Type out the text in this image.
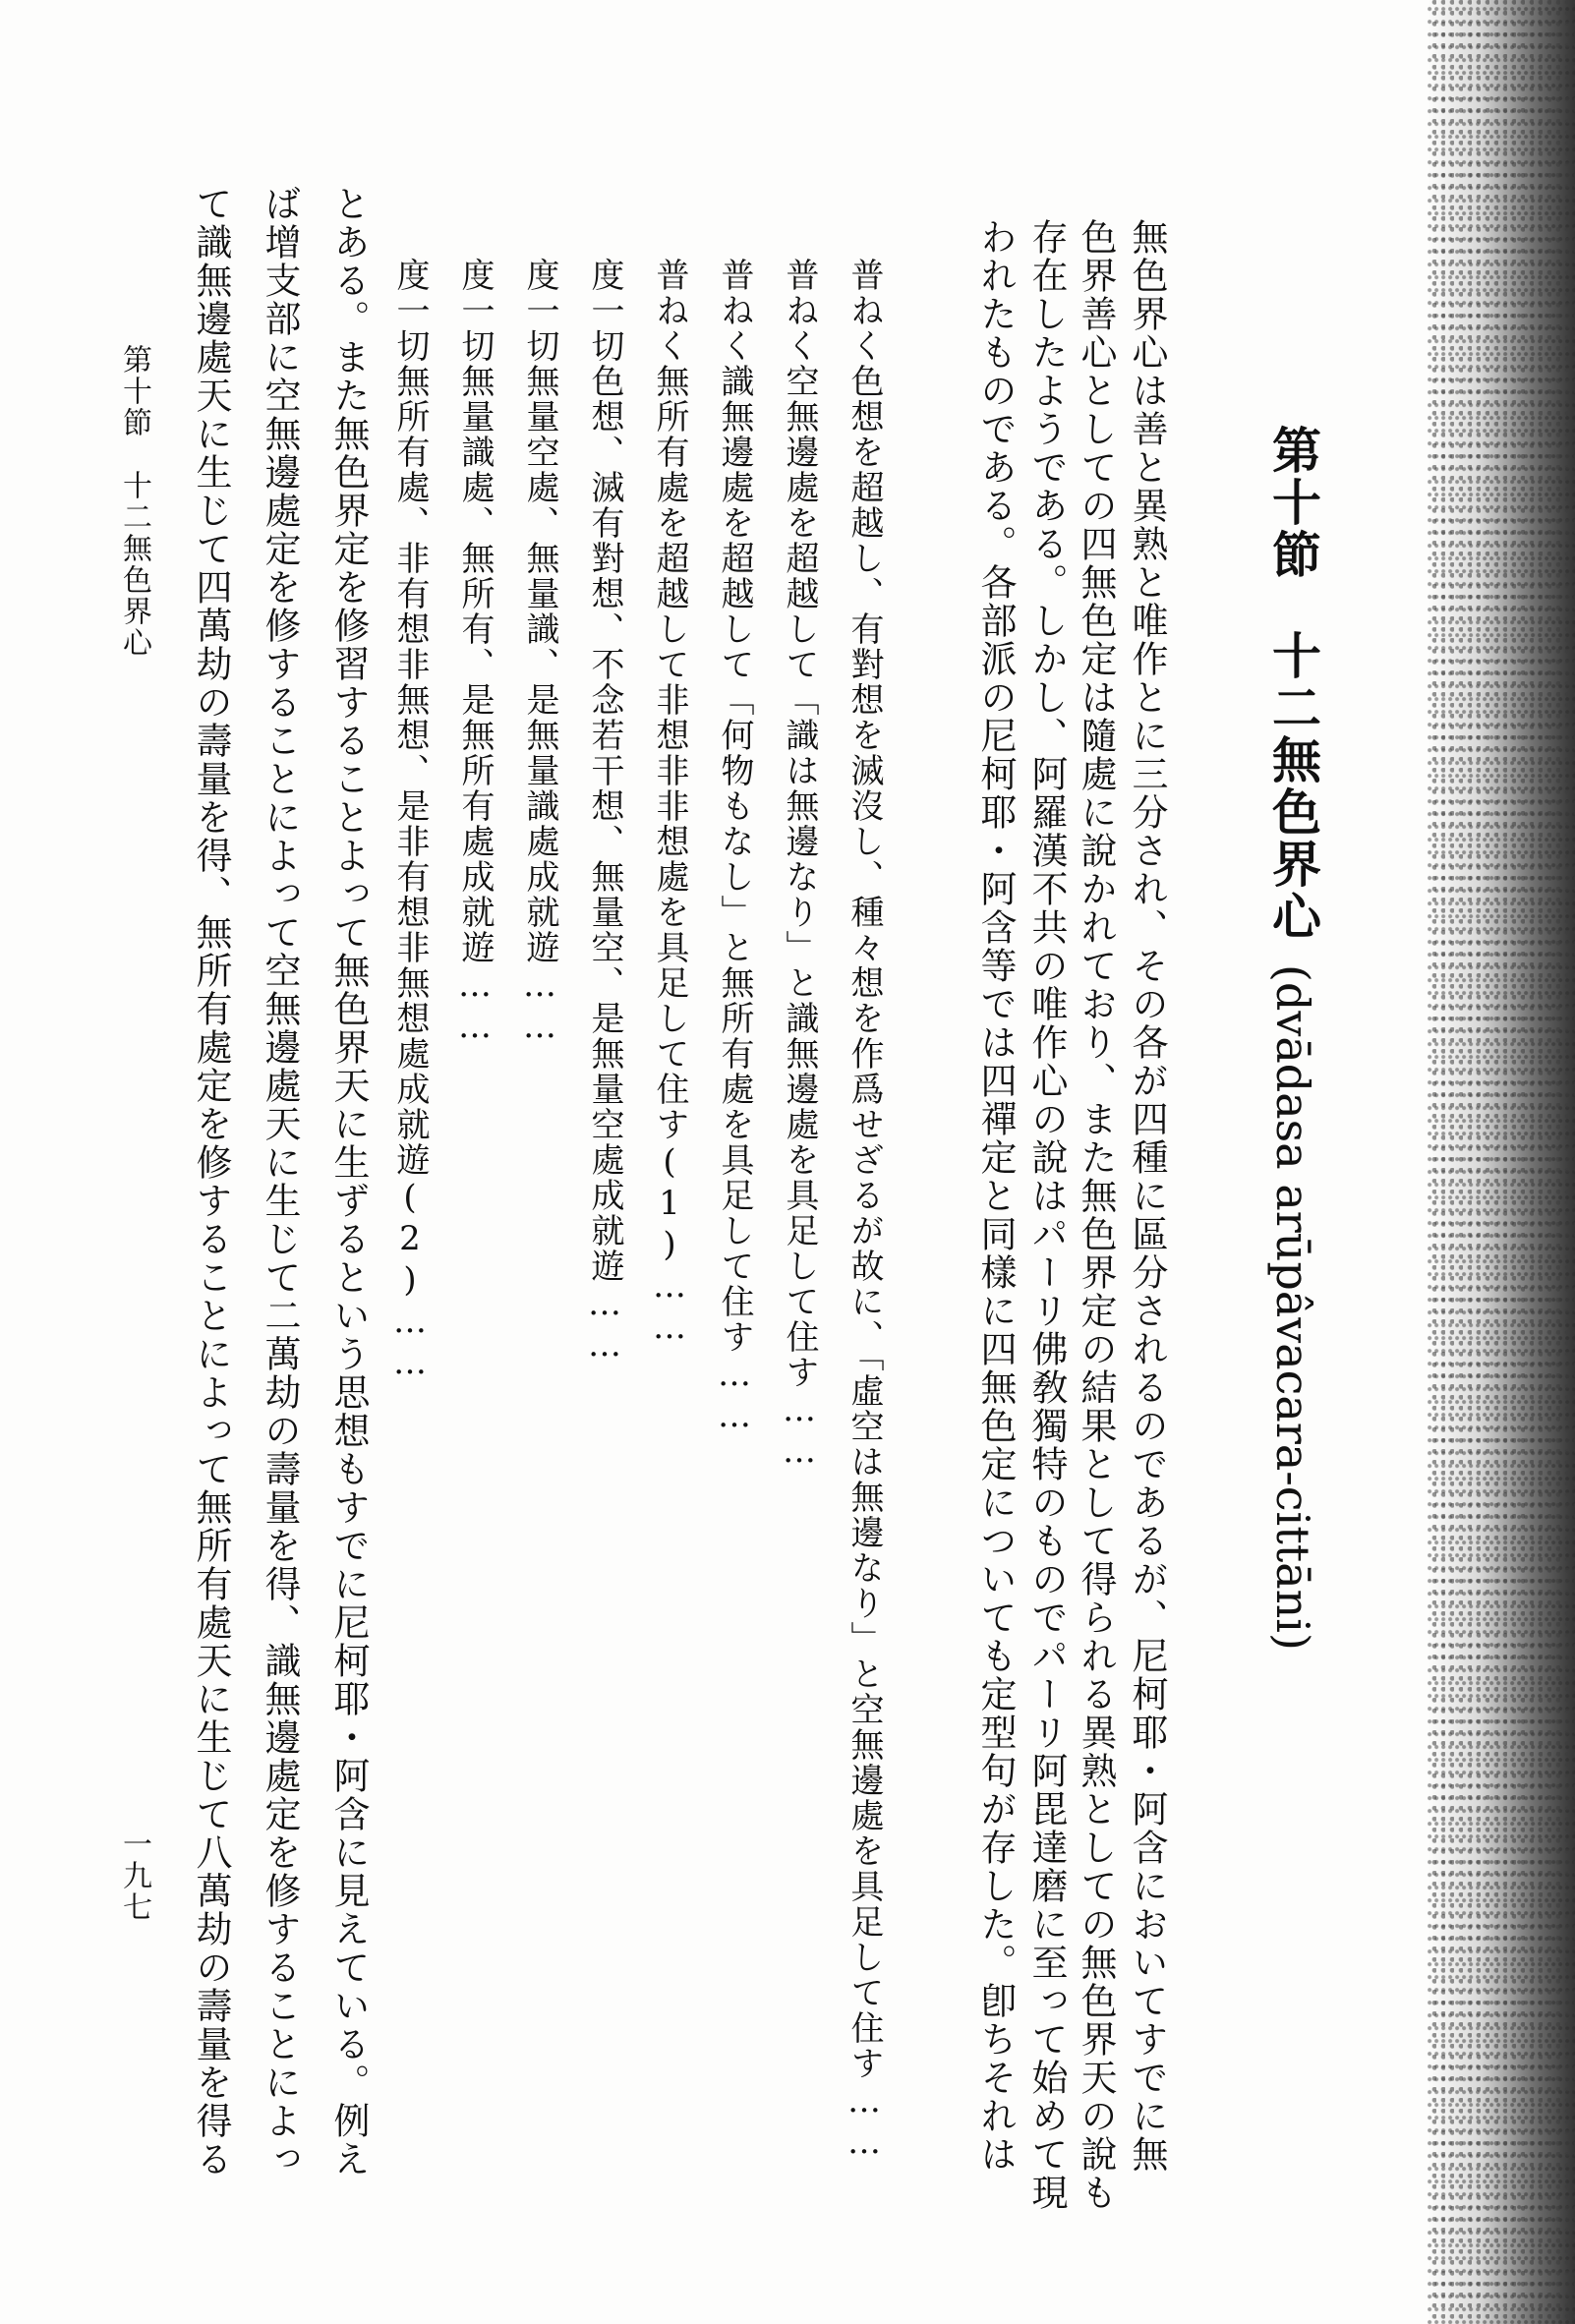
第十節十二無色界心(dvādasa arūpâvacara-cittāni)
無色界心は善と異熟と唯作とに三分され、その各が四種に區分されるのであるが、尼柯耶・阿含においてすでに無
色界善心としての四無色定は隨處に說かれており、また無色界定の結果として得られる異熟としての無色界天の說も
存在したようである。しかし、阿羅漢不共の唯作心の說はパーリ佛敎獨特のものでパーリ阿毘達磨に至って始めて現
われたものである。各部派の尼柯耶・阿含等では四禪定と同樣に四無色定についても定型句が存した。卽ちそれは
普ねく色想を超越し、有對想を滅沒し、種々想を作爲せざるが故に、「虛空は無邊なり」と空無邊處を具足して住す……
普ねく空無邊處を超越して「識は無邊なり」と識無邊處を具足して住す……
普ねく識無邊處を超越して「何物もなし」と無所有處を具足して住す……
普ねく無所有處を超越して非想非非想處を具足して住す(1)……
度一切色想、滅有對想、不念若干想、無量空、是無量空處成就遊……
度一切無量空處、無量識、是無量識處成就遊……
度一切無量識處、無所有、是無所有處成就遊……
度一切無所有處、非有想非無想、是非有想非無想處成就遊(2)……
とある。また無色界定を修習することよって無色界天に生ずるという思想もすでに尼柯耶・阿含に見えている。例え
ば增支部に空無邊處定を修することによって空無邊處天に生じて二萬劫の壽量を得、識無邊處定を修することによっ
て識無邊處天に生じて四萬劫の壽量を得、無所有處定を修することによって無所有處天に生じて八萬劫の壽量を得る
第十節　十二無色界心
一九七
